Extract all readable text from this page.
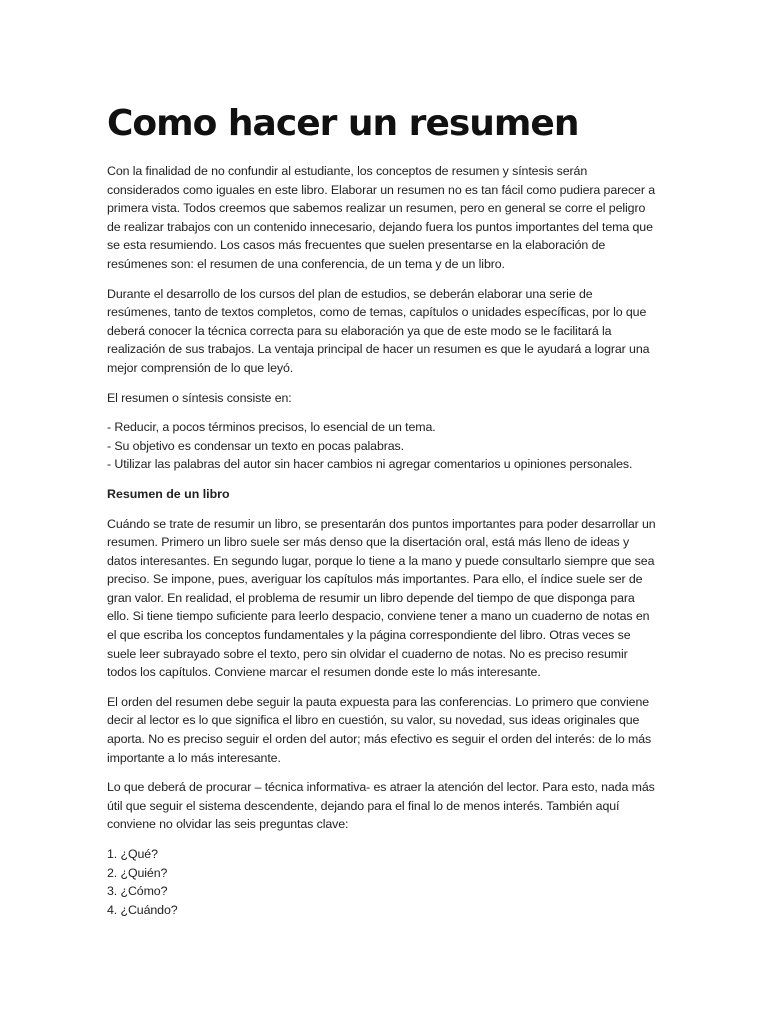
Como hacer un resumen

Con la finalidad de no confundir al estudiante, los conceptos de resumen y síntesis serán considerados como iguales en este libro. Elaborar un resumen no es tan fácil como pudiera parecer a primera vista. Todos creemos que sabemos realizar un resumen, pero en general se corre el peligro de realizar trabajos con un contenido innecesario, dejando fuera los puntos importantes del tema que se esta resumiendo. Los casos más frecuentes que suelen presentarse en la elaboración de resúmenes son: el resumen de una conferencia, de un tema y de un libro.

Durante el desarrollo de los cursos del plan de estudios, se deberán elaborar una serie de resúmenes, tanto de textos completos, como de temas, capítulos o unidades específicas, por lo que deberá conocer la técnica correcta para su elaboración ya que de este modo se le facilitará la realización de sus trabajos. La ventaja principal de hacer un resumen es que le ayudará a lograr una mejor comprensión de lo que leyó.

El resumen o síntesis consiste en:

- Reducir, a pocos términos precisos, lo esencial de un tema.
- Su objetivo es condensar un texto en pocas palabras.
- Utilizar las palabras del autor sin hacer cambios ni agregar comentarios u opiniones personales.

Resumen de un libro

Cuándo se trate de resumir un libro, se presentarán dos puntos importantes para poder desarrollar un resumen. Primero un libro suele ser más denso que la disertación oral, está más lleno de ideas y datos interesantes. En segundo lugar, porque lo tiene a la mano y puede consultarlo siempre que sea preciso. Se impone, pues, averiguar los capítulos más importantes. Para ello, el índice suele ser de gran valor. En realidad, el problema de resumir un libro depende del tiempo de que disponga para ello. Si tiene tiempo suficiente para leerlo despacio, conviene tener a mano un cuaderno de notas en el que escriba los conceptos fundamentales y la página correspondiente del libro. Otras veces se suele leer subrayado sobre el texto, pero sin olvidar el cuaderno de notas. No es preciso resumir todos los capítulos. Conviene marcar el resumen donde este lo más interesante.

El orden del resumen debe seguir la pauta expuesta para las conferencias. Lo primero que conviene decir al lector es lo que significa el libro en cuestión, su valor, su novedad, sus ideas originales que aporta. No es preciso seguir el orden del autor; más efectivo es seguir el orden del interés: de lo más importante a lo más interesante.

Lo que deberá de procurar – técnica informativa- es atraer la atención del lector. Para esto, nada más útil que seguir el sistema descendente, dejando para el final lo de menos interés. También aquí conviene no olvidar las seis preguntas clave:

1. ¿Qué?
2. ¿Quién?
3. ¿Cómo?
4. ¿Cuándo?
